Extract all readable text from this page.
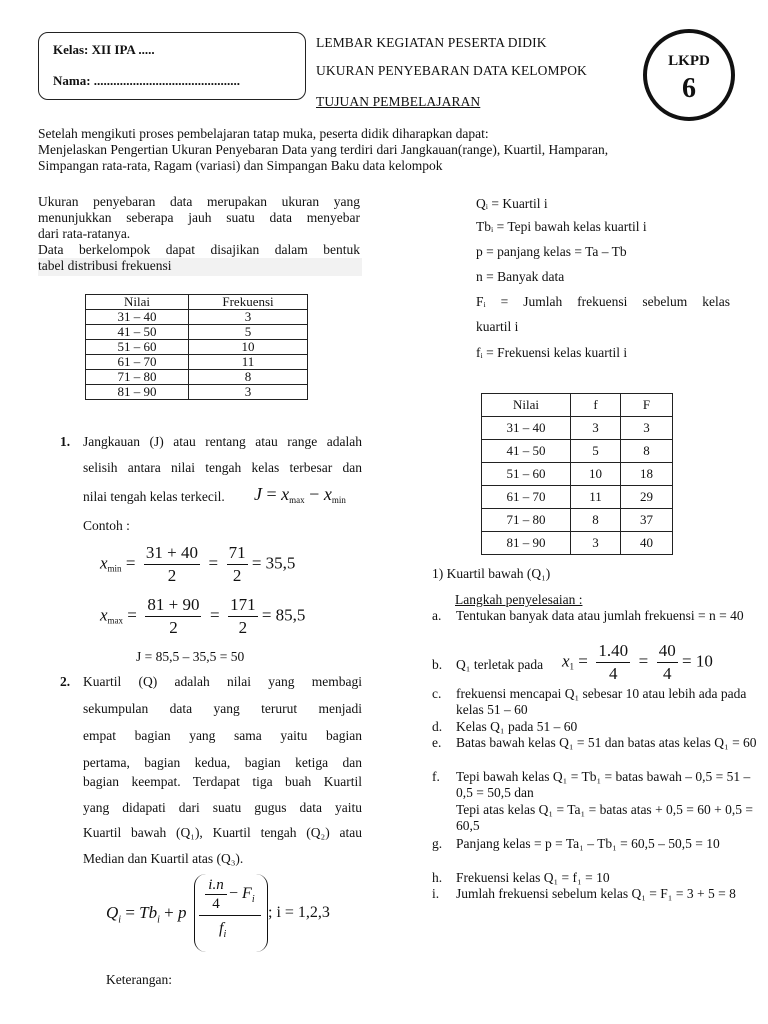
Kelas: XII IPA .....
Nama: .............................................
LEMBAR KEGIATAN PESERTA DIDIK
UKURAN PENYEBARAN DATA KELOMPOK
TUJUAN PEMBELAJARAN
LKPD
6
Setelah mengikuti proses pembelajaran tatap muka, peserta didik diharapkan dapat:
Menjelaskan Pengertian Ukuran Penyebaran Data yang terdiri dari Jangkauan(range), Kuartil, Hamparan,
Simpangan rata-rata, Ragam (variasi) dan Simpangan Baku data kelompok
Ukuran penyebaran data merupakan ukuran yang
menunjukkan seberapa jauh suatu data menyebar
dari rata-ratanya.
Data berkelompok dapat disajikan dalam bentuk
tabel distribusi frekuensi
Nilai	Frekuensi
31 – 40	3
41 – 50	5
51 – 60	10
61 – 70	11
71 – 80	8
81 – 90	3
1. Jangkauan (J) atau rentang atau range adalah
selisih antara nilai tengah kelas terbesar dan
nilai tengah kelas terkecil. J = xmax − xmin
Contoh :
$xmin = \frac{31 + 40}{2} = \frac{71}{2} = 35,5$
$xmax = \frac{81 + 90}{2} = \frac{171}{2} = 85,5$
J = 85,5 – 35,5 = 50
2. Kuartil (Q) adalah nilai yang membagi
sekumpulan data yang terurut menjadi
empat bagian yang sama yaitu bagian
pertama, bagian kedua, bagian ketiga dan
bagian keempat. Terdapat tiga buah Kuartil
yang didapati dari suatu gugus data yaitu
Kuartil bawah (Q₁), Kuartil tengah (Q₂) atau
Median dan Kuartil atas (Q₃).
$Q_i = Tb_i + p$
i.n
4
− $F_i$
$f_i$
; i = 1,2,3
Keterangan:
Qᵢ = Kuartil i
Tbᵢ = Tepi bawah kelas kuartil i
p = panjang kelas = Ta – Tb
n = Banyak data
Fᵢ = Jumlah frekuensi sebelum kelas
kuartil i
fᵢ = Frekuensi kelas kuartil i
Nilai	f	F
31 – 40	3	3
41 – 50	5	8
51 – 60	10	18
61 – 70	11	29
71 – 80	8	37
81 – 90	3	40
1) Kuartil bawah (Q₁)
Langkah penyelesaian :
a. Tentukan banyak data atau jumlah frekuensi = n = 40
b. Q₁ terletak pada	$x1 = \frac{1.40}{4} = \frac{40}{4} = 10$
c. frekuensi mencapai Q₁ sebesar 10 atau lebih ada pada kelas 51 – 60
d. Kelas Q₁ pada 51 – 60
e. Batas bawah kelas Q₁ = 51 dan batas atas kelas Q₁ = 60
f. Tepi bawah kelas Q₁ = Tb₁ = batas bawah – 0,5 = 51 – 0,5 = 50,5 dan
Tepi atas kelas Q₁ = Ta₁ = batas atas + 0,5 = 60 + 0,5 = 60,5
g. Panjang kelas = p = Ta₁ – Tb₁ = 60,5 – 50,5 = 10
h. Frekuensi kelas Q₁ = f₁ = 10
i. Jumlah frekuensi sebelum kelas Q₁ = F₁ = 3 + 5 = 8
